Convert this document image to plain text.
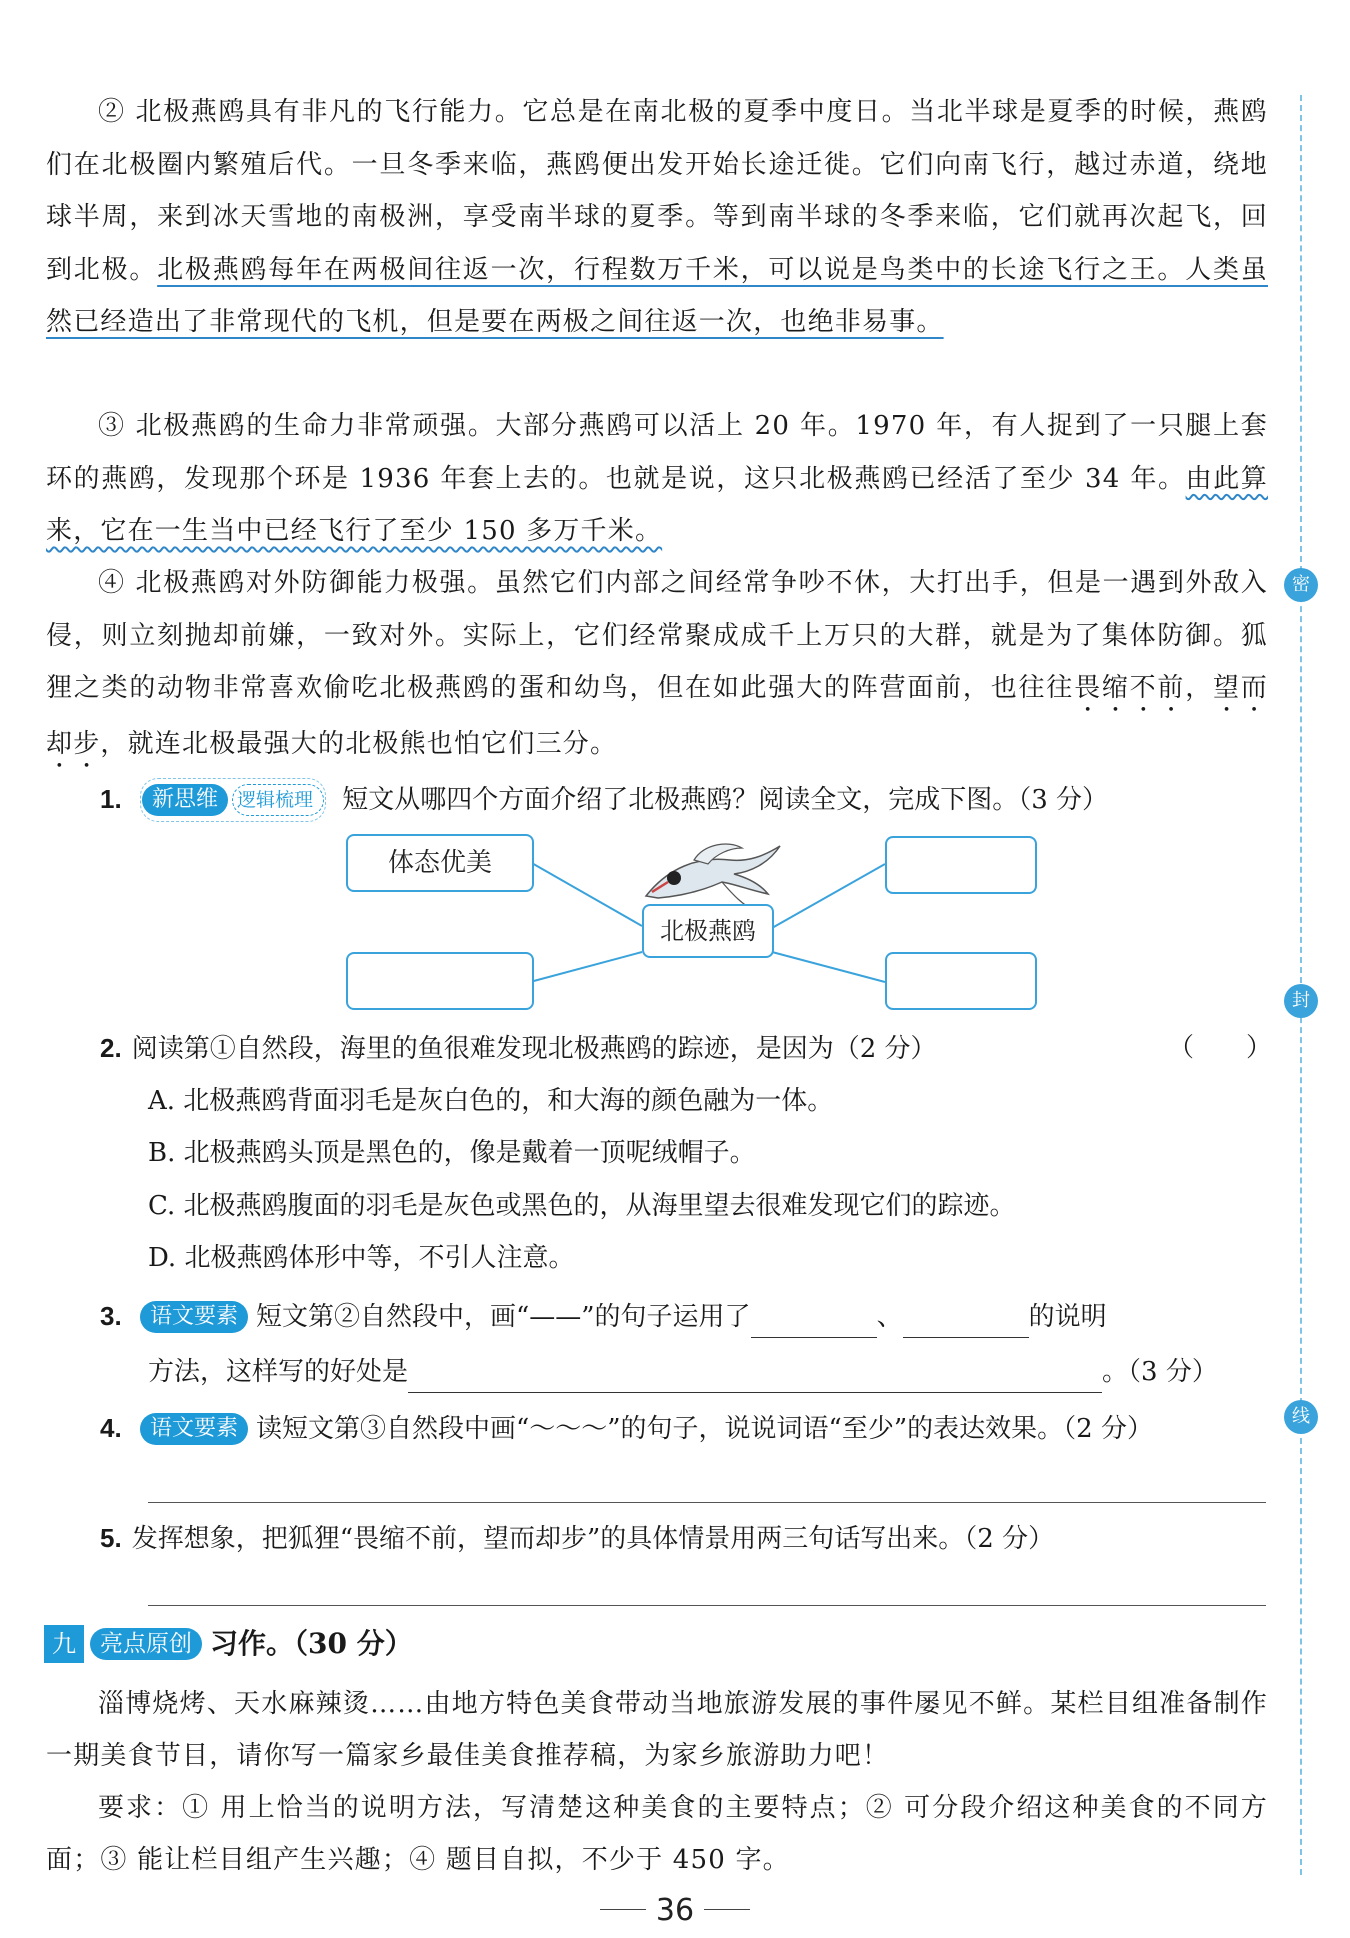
密
封
线

② 北极燕鸥具有非凡的飞行能力。它总是在南北极的夏季中度日。当北半球是夏季的时候，燕鸥们在北极圈内繁殖后代。一旦冬季来临，燕鸥便出发开始长途迁徙。它们向南飞行，越过赤道，绕地球半周，来到冰天雪地的南极洲，享受南半球的夏季。等到南半球的冬季来临，它们就再次起飞，回到北极。北极燕鸥每年在两极间往返一次，行程数万千米，可以说是鸟类中的长途飞行之王。人类虽然已经造出了非常现代的飞机，但是要在两极之间往返一次，也绝非易事。

③ 北极燕鸥的生命力非常顽强。大部分燕鸥可以活上 20 年。1970 年，有人捉到了一只腿上套环的燕鸥，发现那个环是 1936 年套上去的。也就是说，这只北极燕鸥已经活了至少 34 年。由此算来，它在一生当中已经飞行了至少 150 多万千米。

④ 北极燕鸥对外防御能力极强。虽然它们内部之间经常争吵不休，大打出手，但是一遇到外敌入侵，则立刻抛却前嫌，一致对外。实际上，它们经常聚成成千上万只的大群，就是为了集体防御。狐狸之类的动物非常喜欢偷吃北极燕鸥的蛋和幼鸟，但在如此强大的阵营面前，也往往畏缩不前，望而却步，就连北极最强大的北极熊也怕它们三分。

1. 新思维 逻辑梳理 短文从哪四个方面介绍了北极燕鸥？阅读全文，完成下图。（3 分）
体态优美
北极燕鸥
2. 阅读第①自然段，海里的鱼很难发现北极燕鸥的踪迹，是因为（2 分）	（　　）
A. 北极燕鸥背面羽毛是灰白色的，和大海的颜色融为一体。
B. 北极燕鸥头顶是黑色的，像是戴着一顶呢绒帽子。
C. 北极燕鸥腹面的羽毛是灰色或黑色的，从海里望去很难发现它们的踪迹。
D. 北极燕鸥体形中等，不引人注意。
3. 语文要素 短文第②自然段中，画“——”的句子运用了	、	的说明
方法，这样写的好处是	。（3 分）
4. 语文要素 读短文第③自然段中画“～～～”的句子，说说词语“至少”的表达效果。（2 分）
5. 发挥想象，把狐狸“畏缩不前，望而却步”的具体情景用两三句话写出来。（2 分）
九 亮点原创 习作。（30 分）

淄博烧烤、天水麻辣烫……由地方特色美食带动当地旅游发展的事件屡见不鲜。某栏目组准备制作一期美食节目，请你写一篇家乡最佳美食推荐稿，为家乡旅游助力吧！

要求：① 用上恰当的说明方法，写清楚这种美食的主要特点；② 可分段介绍这种美食的不同方面；③ 能让栏目组产生兴趣；④ 题目自拟，不少于 450 字。

36
